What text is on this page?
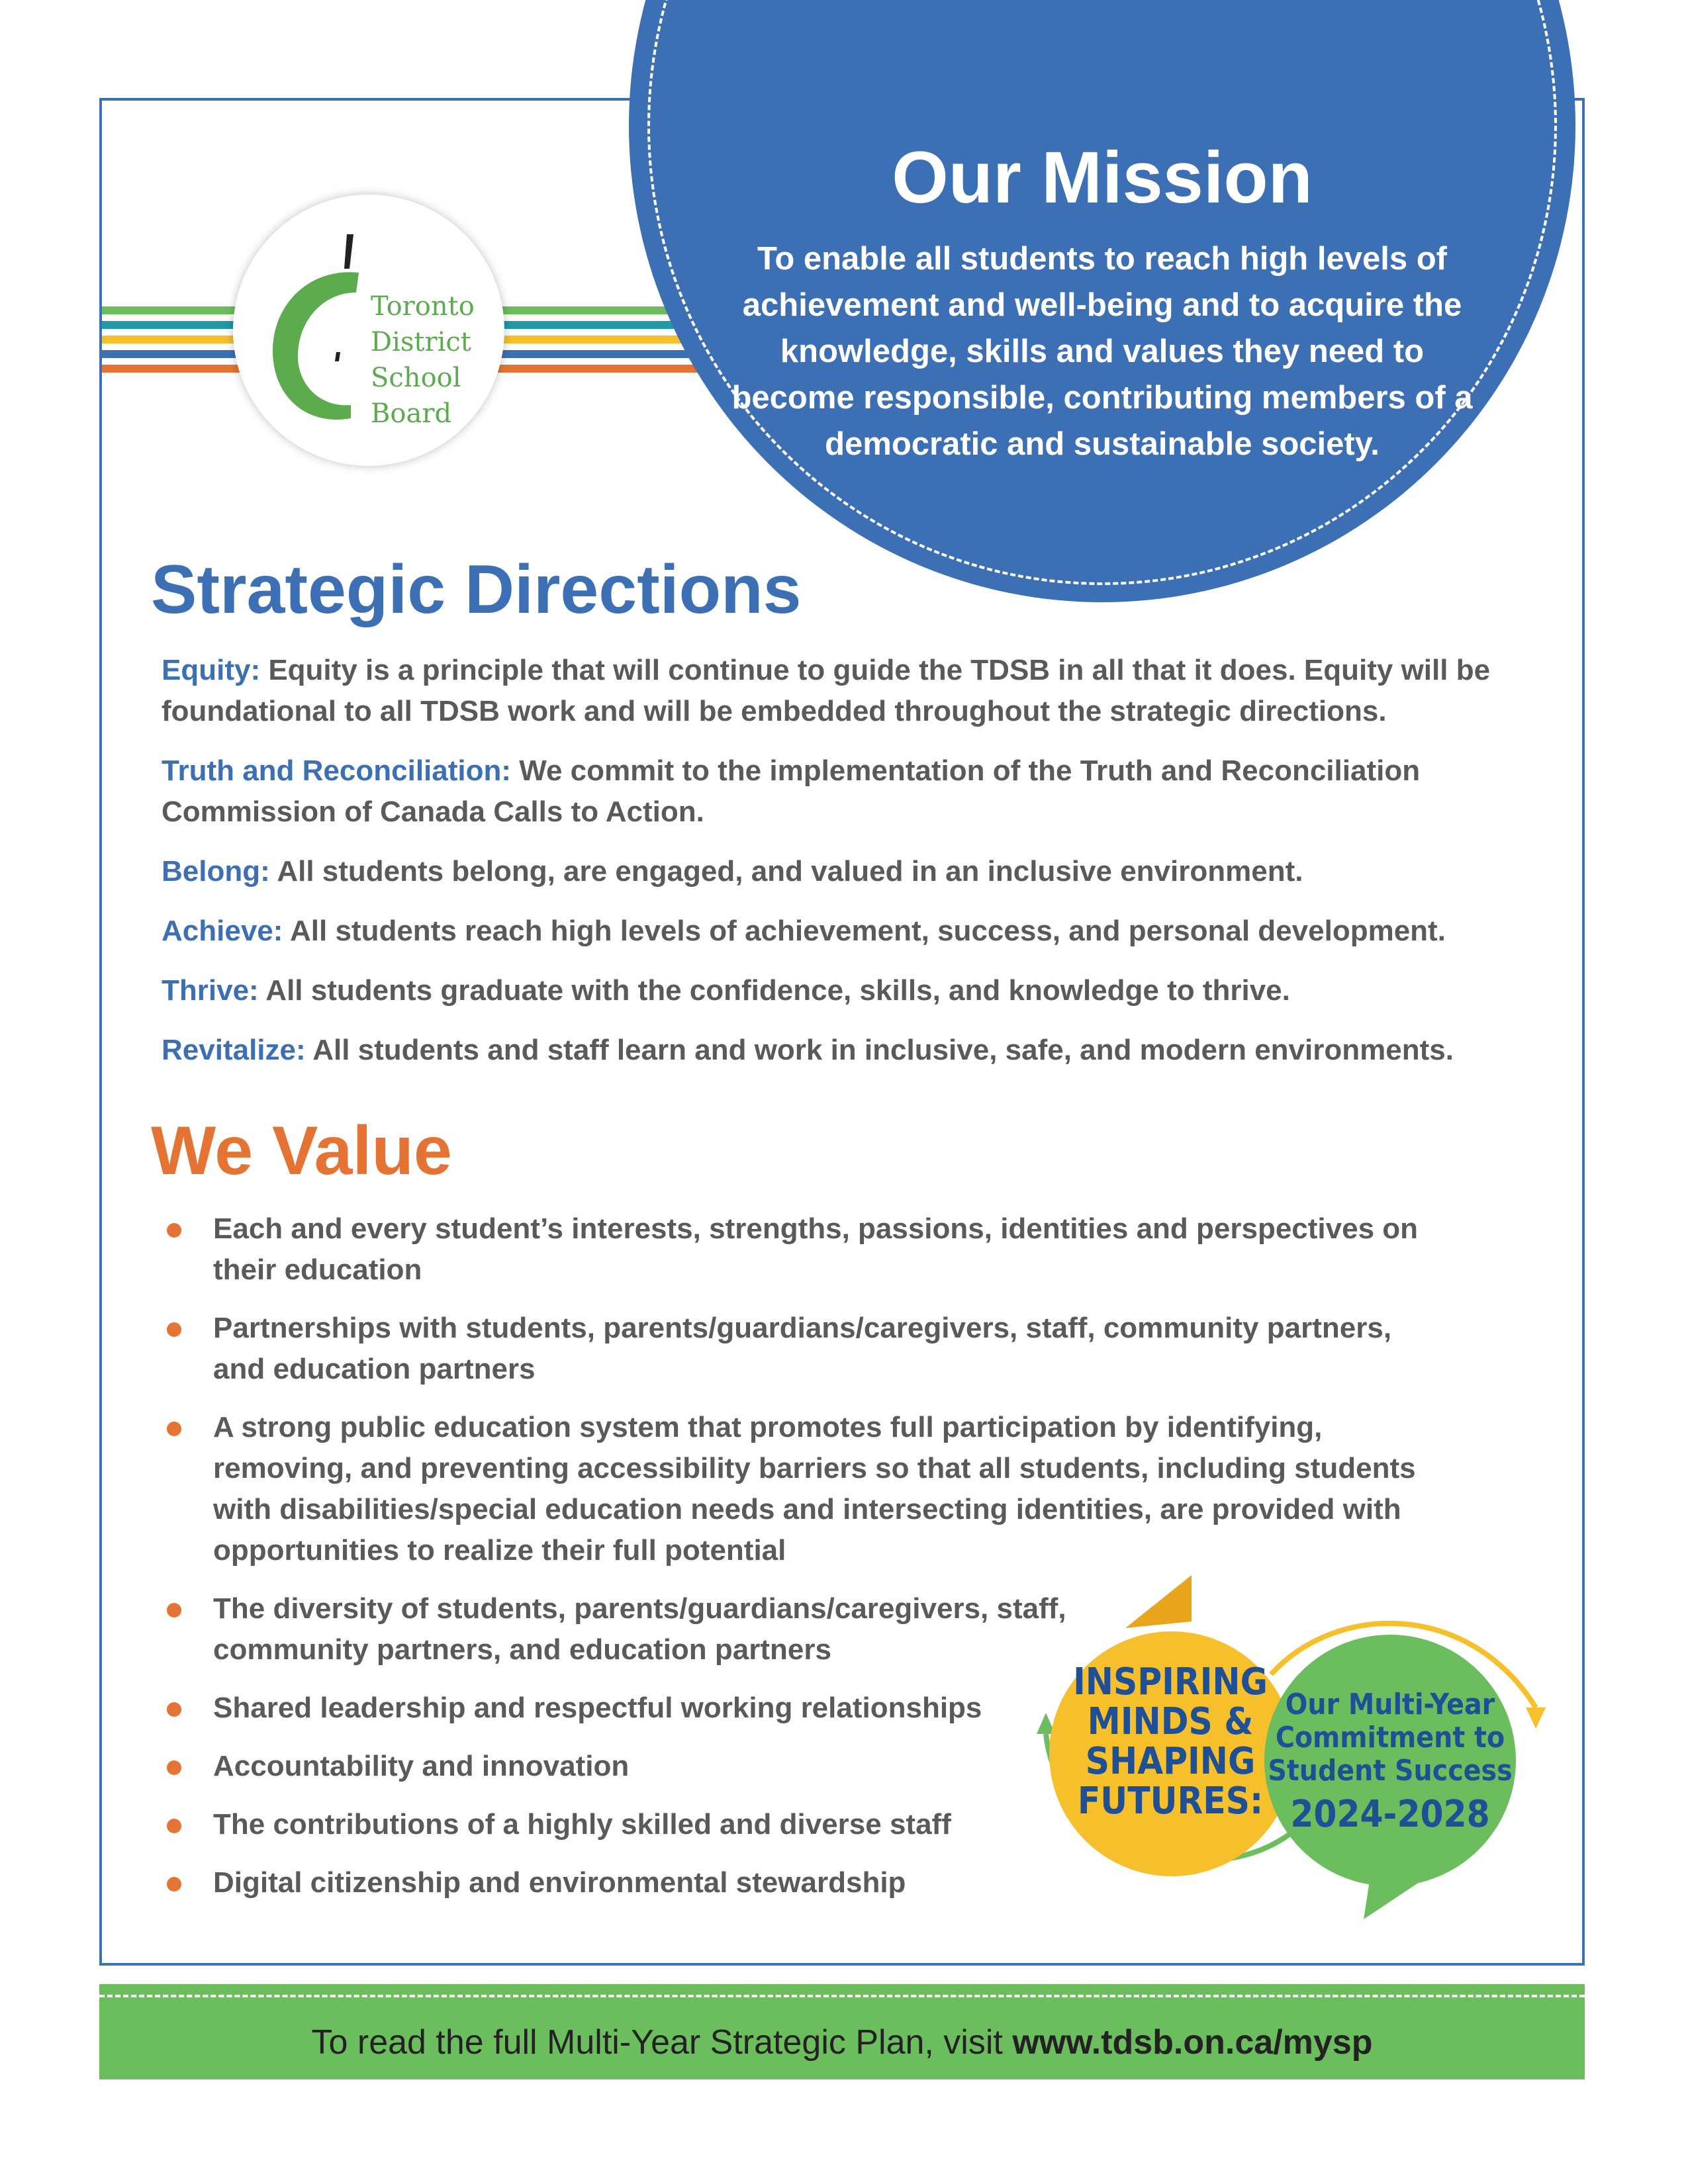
Toronto
District
School
Board
Our Mission
To enable all students to reach high levels of achievement and well-being and to acquire the knowledge, skills and values they need to become responsible, contributing members of a democratic and sustainable society.
Strategic Directions
Equity: Equity is a principle that will continue to guide the TDSB in all that it does. Equity will be foundational to all TDSB work and will be embedded throughout the strategic directions.
Truth and Reconciliation: We commit to the implementation of the Truth and Reconciliation Commission of Canada Calls to Action.
Belong: All students belong, are engaged, and valued in an inclusive environment.
Achieve: All students reach high levels of achievement, success, and personal development.
Thrive: All students graduate with the confidence, skills, and knowledge to thrive.
Revitalize: All students and staff learn and work in inclusive, safe, and modern environments.
We Value
Each and every student’s interests, strengths, passions, identities and perspectives on their education
Partnerships with students, parents/guardians/caregivers, staff, community partners, and education partners
A strong public education system that promotes full participation by identifying, removing, and preventing accessibility barriers so that all students, including students with disabilities/special education needs and intersecting identities, are provided with opportunities to realize their full potential
The diversity of students, parents/guardians/caregivers, staff, community partners, and education partners
Shared leadership and respectful working relationships
Accountability and innovation
The contributions of a highly skilled and diverse staff
Digital citizenship and environmental stewardship
INSPIRING
MINDS &
SHAPING
FUTURES:
Our Multi-Year
Commitment to
Student Success
2024-2028
To read the full Multi-Year Strategic Plan, visit www.tdsb.on.ca/mysp
